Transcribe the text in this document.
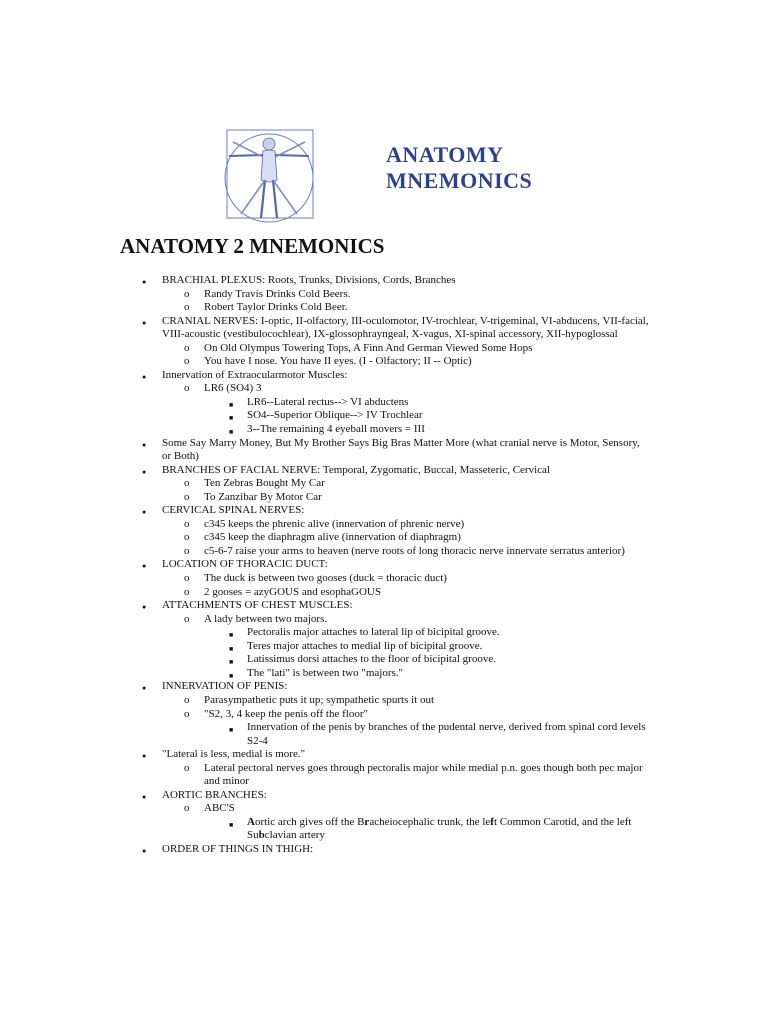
ANATOMY
MNEMONICS
ANATOMY 2 MNEMONICS
● BRACHIAL PLEXUS: Roots, Trunks, Divisions, Cords, Branches
o Randy Travis Drinks Cold Beers.
o Robert Taylor Drinks Cold Beer.
● CRANIAL NERVES: I-optic, II-olfactory, III-oculomotor, IV-trochlear, V-trigeminal, VI-abducens, VII-facial, VIII-acoustic (vestibulocochlear), IX-glossophrayngeal, X-vagus, XI-spinal accessory, XII-hypoglossal
o On Old Olympus Towering Tops, A Finn And German Viewed Some Hops
o You have I nose. You have II eyes. (I - Olfactory; II -- Optic)
● Innervation of Extraocularmotor Muscles:
o LR6 (SO4) 3
■ LR6--Lateral rectus--> VI abductens
■ SO4--Superior Oblique--> IV Trochlear
■ 3--The remaining 4 eyeball movers = III
● Some Say Marry Money, But My Brother Says Big Bras Matter More (what cranial nerve is Motor, Sensory, or Both)
● BRANCHES OF FACIAL NERVE: Temporal, Zygomatic, Buccal, Masseteric, Cervical
o Ten Zebras Bought My Car
o To Zanzibar By Motor Car
● CERVICAL SPINAL NERVES:
o c345 keeps the phrenic alive (innervation of phrenic nerve)
o c345 keep the diaphragm alive (innervation of diaphragm)
o c5-6-7 raise your arms to heaven (nerve roots of long thoracic nerve innervate serratus anterior)
● LOCATION OF THORACIC DUCT:
o The duck is between two gooses (duck = thoracic duct)
o 2 gooses = azyGOUS and esophaGOUS
● ATTACHMENTS OF CHEST MUSCLES:
o A lady between two majors.
■ Pectoralis major attaches to lateral lip of bicipital groove.
■ Teres major attaches to medial lip of bicipital groove.
■ Latissimus dorsi attaches to the floor of bicipital groove.
■ The "lati" is between two "majors."
● INNERVATION OF PENIS:
o Parasympathetic puts it up; sympathetic spurts it out
o "S2, 3, 4 keep the penis off the floor"
■ Innervation of the penis by branches of the pudental nerve, derived from spinal cord levels S2-4
● "Lateral is less, medial is more."
o Lateral pectoral nerves goes through pectoralis major while medial p.n. goes though both pec major and minor
● AORTIC BRANCHES:
o ABC'S
■ Aortic arch gives off the Bracheiocephalic trunk, the left Common Carotid, and the left Subclavian artery
● ORDER OF THINGS IN THIGH:
